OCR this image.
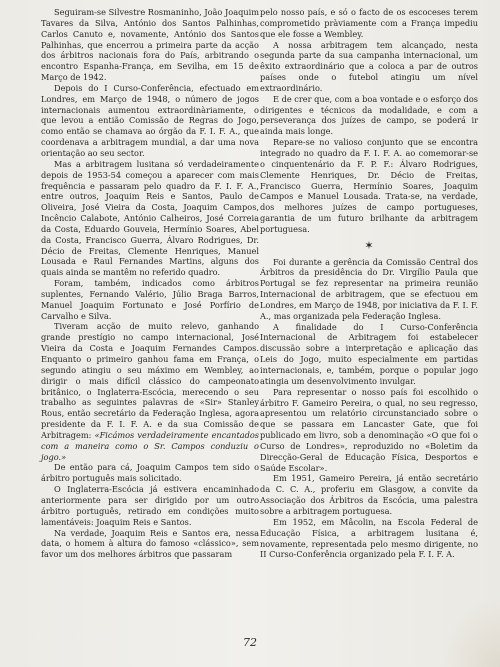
Seguiram-se Silvestre Rosmaninho, João Joaquim Tavares da Silva, António dos Santos Palhinhas, Carlos Canuto e, novamente, António dos Santos Palhinhas, que encerrou a primeira parte da acção dos árbitros nacionais fora do País, arbitrando o encontro Espanha-França, em Sevilha, em 15 de Março de 1942.

Depois do I Curso-Conferência, efectuado em Londres, em Março de 1948, o número de jogos internacionais aumentou extraordinàriamente, o que levou a entião Comissão de Regras do Jogo, como então se chamava ao órgão da F. I. F. A., que coordenava a arbitragem mundial, a dar uma nova orientação ao seu sector.

Mas a arbitragem lusitana só verdadeiramente depois de 1953-54 começou a aparecer com mais frequência e passaram pelo quadro da F. I. F. A., entre outros, Joaquim Reis e Santos, Paulo de Oliveira, José Vieira da Costa, Joaquim Campos, Incêncio Calabote, António Calheiros, José Correia da Costa, Eduardo Gouveia, Hermínio Soares, Abel da Costa, Francisco Guerra, Álvaro Rodrigues, Dr. Décio de Freitas, Clemente Henriques, Manuel Lousada e Raul Fernandes Martins, alguns dos quais ainda se mantêm no referido quadro.

Foram, também, indicados como árbitros suplentes, Fernando Valério, Júlio Braga Barros, Manuel Joaquim Fortunato e José Porfírio de Carvalho e Silva.

Tiveram acção de muito relevo, ganhando grande prestígio no campo internacional, José Vieira da Costa e Joaquim Fernandes Campos. Enquanto o primeiro ganhou fama em França, o segundo atingiu o seu máximo em Wembley, ao dirigir o mais difícil clássico do campeonato britânico, o Inglaterra-Escócia, merecendo o seu trabalho as seguintes palavras de «Sir» Stanley Rous, então secretário da Federação Inglesa, agora presidente da F. I. F. A. e da sua Comissão de Arbitragem: «Ficámos verdadeiramente encantados com a maneira como o Sr. Campos conduziu o jogo.»

De então para cá, Joaquim Campos tem sido o árbitro português mais solicitado.

O Inglaterra-Escócia já estivera encaminhado anteriormente para ser dirigido por um outro árbitro português, retirado em condições muito lamentáveis: Joaquim Reis e Santos.

Na verdade, Joaquim Reis e Santos era, nessa data, o homem à altura do famoso «clássico», sem favor um dos melhores árbitros que passaram

pelo nosso país, e só o facto de os escoceses terem comprometido pràviamente com a França impediu que ele fosse a Wembley.

A nossa arbitragem tem alcançado, nesta segunda parte da sua campanha internacional, um êxito extraordinário que a coloca a par de outros países onde o futebol atingiu um nível extraordinário.

E de crer que, com a boa vontade e o esforço dos dirigentes e técnicos da modalidade, e com a perseverança dos juízes de campo, se poderá ir ainda mais longe.

Repare-se no valioso conjunto que se encontra integrado no quadro da F. I. F. A. ao comemorar-se o cinquentenário da F. P. F.: Álvaro Rodrigues, Clemente Henriques, Dr. Décio de Freitas, Francisco Guerra, Hermínio Soares, Joaquim Campos e Manuel Lousada. Trata-se, na verdade, dos melhores juízes de campo portugueses, garantia de um futuro brilhante da arbitragem portuguesa.

✶

Foi durante a gerência da Comissão Central dos Árbitros da presidência do Dr. Virgílio Paula que Portugal se fez representar na primeira reunião Internacional de arbitragem, que se efectuou em Londres, em Março de 1948, por iniciativa da F. I. F. A., mas organizada pela Federação Inglesa.

A finalidade do I Curso-Conferência Internacional de Arbitragem foi estabelecer discussão sobre a interpretação e aplicação das Leis do Jogo, muito especialmente em partidas internacionais, e, também, porque o popular jogo atingia um desenvolvimento invulgar.

Para representar o nosso país foi escolhido o árbitro F. Gameiro Pereira, o qual, no seu regresso, apresentou um relatório circunstanciado sobre o que se passara em Lancaster Gate, que foi publicado em livro, sob a denominação «O que foi o Curso de Londres», reproduzido no «Boletim da Direcção-Geral de Educação Física, Desportos e Saúde Escolar».

Em 1951, Gameiro Pereira, já então secretário da C. C. A., proferiu em Glasgow, a convite da Associação dos Árbitros da Escócia, uma palestra sobre a arbitragem portuguesa.

Em 1952, em Mâcolin, na Escola Federal de Educação Física, a arbitragem lusitana é, novamente, representada pelo mesmo dirigente, no II Curso-Conferência organizado pela F. I. F. A.

72
